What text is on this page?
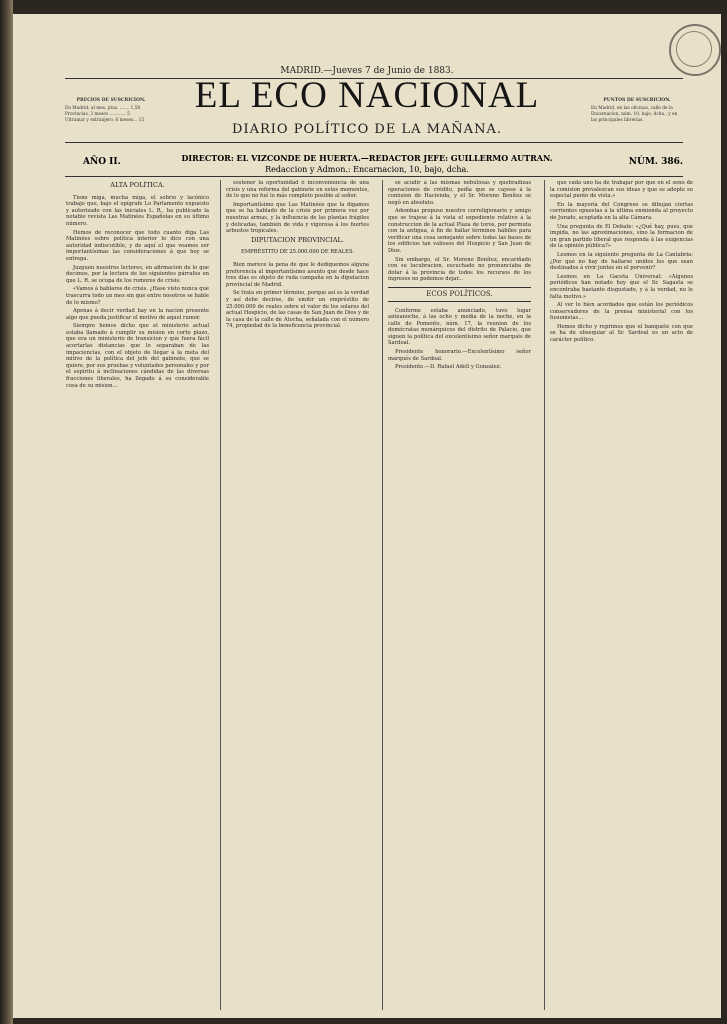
MADRID.—Jueves 7 de Junio de 1883.
PRECIOS DE SUSCRICION.

En Madrid, al mes, ptas. ....... 1,50

Provincias, 3 meses ............ 5

Ultramar y extranjero, 6 meses... 15

EL ECO NACIONAL	PUNTOS DE SUSCRICION.

En Madrid, en las oficinas, calle de la Encarnacion, núm. 10, bajo, dcha., y en las principales librerías.

DIARIO POLÍTICO DE LA MAÑANA.
AÑO II.	DIRECTOR: EL VIZCONDE DE HUERTA.—REDACTOR JEFE: GUILLERMO AUTRAN.	NÚM. 386.
Redaccion y Admon.: Encarnacion, 10, bajo, dcha.
ALTA POLÍTICA.

Tiene miga, mucha miga, el sobrio y lacónico trabajo que, bajo el epígrafe Lo Parlamento expuesto y autorizado con las iniciales L. R., ha publicado la notable revista Las Matinées Españolas en su último número.

Hemos de reconocer que todo cuanto diga Las Matinées sobre política interior lo dice con una autoridad indiscutible, y de aquí el que veamos ser importantísimas las consideraciones á que hoy se entrega.

Juzguen nuestros lectores, en afirmacion de lo que decimos, por la lectura de los siguientes párrafos en que L. R. se ocupa de los rumores de crisis:

«Vamos á hablaros de crisis. ¿Hase visto nunca que trascurra todo un mes sin que entre nosotros se hable de lo mismo?

Apenas á decir verdad hay en la nacion presente algo que pueda justificar el motivo de aquel rumor.

Siempre hemos dicho que el ministerio actual estaba llamado á cumplir su mision en corto plazo, que era un ministerio de transicion y que fuera fácil acortarlas distancias que lo separaban de las impaciencias, con el objeto de llegar á la meta del mitivo de la política del jefe del gabinete, que se quiere, por sus pruebas y voluntades personales y por el espíritu á inclinaciones cándidas de las diversas fracciones liberales, ha llegado á su considerable cosa de su mision...

sostener la oportunidad ó inconveniencia de una crisis y una reforma del gabinete en estos momentos, de lo que no fué lo más completo posible al señor.

Importantísimo que Las Matinées que la digamos que se ha hablado de la crisis por primera vez por nuestras armas, y la influencia de las plantas frágiles y delicadas, también de vida y vigorosa á los fuertes arbustos tropicales.

DIPUTACION PROVINCIAL.
EMPRÉSTITO DE 25.000.000 DE REALES.

Bien merece la pena de que le dediquemos alguna preferencia al importantísimo asunto que desde hace tres días es objeto de ruda campaña en la diputacion provincial de Madrid.

Se trata en primer término, porque así es la verdad y así debe decirse, de emitir un empréstito de 25.000.000 de reales sobre el valor de los solares del actual Hospicio, de las casas de San Juan de Dios y de la casa de la calle de Atocha, señalada con el número 74, propiedad de la beneficencia provincial.

se acudir á las mismas nebulosas y quebradizas operaciones de crédito, pedía que se cayese á la comision de Hacienda, y el Sr. Moreno Benítez se negó en absoluto.

Adembas propuso nuestro correligionario y amigo que se trajese á la vista el expediente relativo á la construccion de la actual Plaza de toros, por permuta con la antigua, á fin de hallar términos hábiles para verificar una cosa semejante sobre todas las bases de los edificios tan valiosos del Hospicio y San Juan de Dios.

Sin embargo, el Sr. Moreno Benítez, encariñado con su lucubracion, escuchado no pronunciaba de dotar á la provincia de todos los recursos de los ingresos no podemos dejar...

ECOS POLÍTICOS.

Conforme estaba anunciado, tuvo lugar anteanoche, á las ocho y media de la noche, en la calle de Pomento, núm. 17, la reunion de los demócratas monárquicos del distrito de Palacio, que siguen la política del excelentísimo señor marqués de Sardoal.

Presidente honorario.—Excelentísimo señor marqués de Sardoal.

Presidente.—D. Rafael Adell y Gonzalez.

que cada uno ha de trabajar por que en el seno de la comision prevalezcan sus ideas y que se adopte su especial punto de vista.»

En la mayoría del Congreso se dibujan ciertas corrientes opuestas á la última enmienda al proyecto de Jurado, aceptada en la alta Cámara.

Una pregunta de El Debate: «¿Qué hay, pues, que impida, no las aproximaciones, sino la formacion de un gran partido liberal que responda á las exigencias de la opinión pública?»

Lesmos en la siguiente pregunta de La Cantabria: ¿Por qué no hay de hallarse unidos los que sean destinados á vivir juntos en el porvenir?

Lesmos en La Gaceta Universal: «Algunos periódicos han notado hoy que el Sr. Sagasta se encontraba bastante disgustado, y á la verdad, no le falta motivo.»

Al ver lo bien acordados que están los periódicos conservadores de la prensa ministerial con los fusionistas...

Hemos dicho y reprimos que el banquete con que se ha de obsequiar al Sr. Sardoal es un acto de carácter político.
